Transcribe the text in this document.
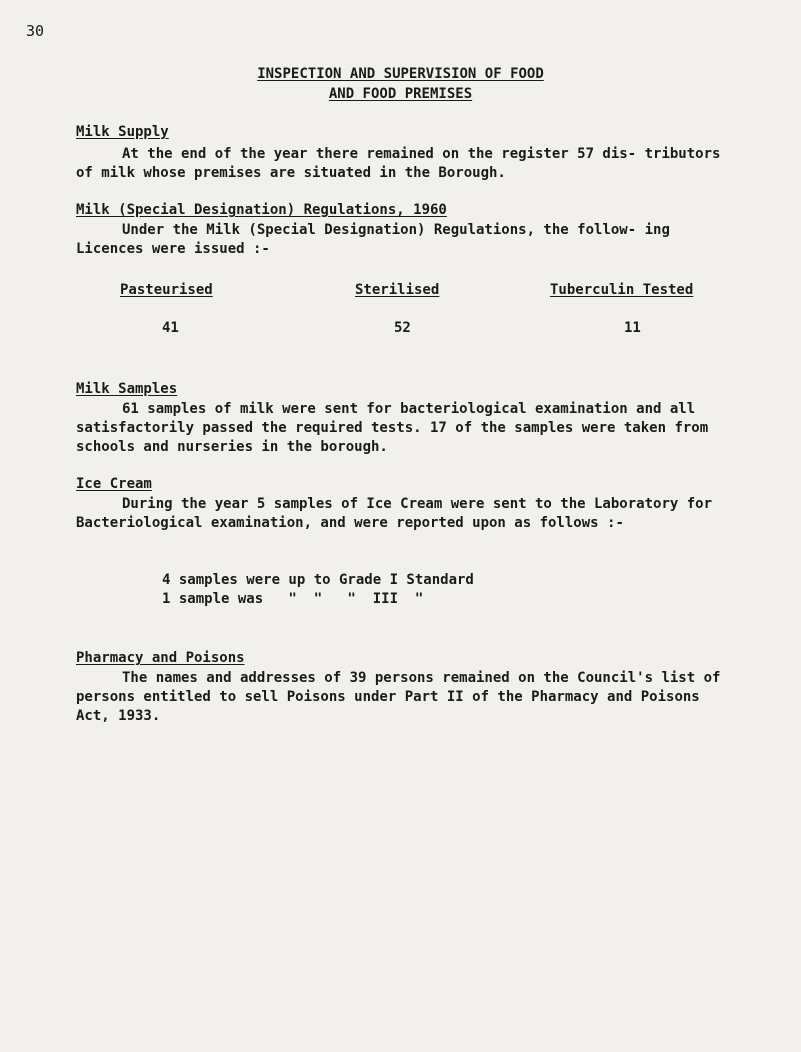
30
INSPECTION AND SUPERVISION OF FOOD
AND FOOD PREMISES
Milk Supply

At the end of the year there remained on the register 57 dis- tributors of milk whose premises are situated in the Borough.

Milk (Special Designation) Regulations, 1960

Under the Milk (Special Designation) Regulations, the follow- ing Licences were issued :-

Pasteurised	Sterilised	Tuberculin Tested
41	52	11
Milk Samples

61 samples of milk were sent for bacteriological examination and all satisfactorily passed the required tests. 17 of the samples were taken from schools and nurseries in the borough.

Ice Cream

During the year 5 samples of Ice Cream were sent to the Laboratory for Bacteriological examination, and were reported upon as follows :-

4 samples were up to Grade I Standard
1 sample was   "  "   "  III  "
Pharmacy and Poisons

The names and addresses of 39 persons remained on the Council's list of persons entitled to sell Poisons under Part II of the Pharmacy and Poisons Act, 1933.
